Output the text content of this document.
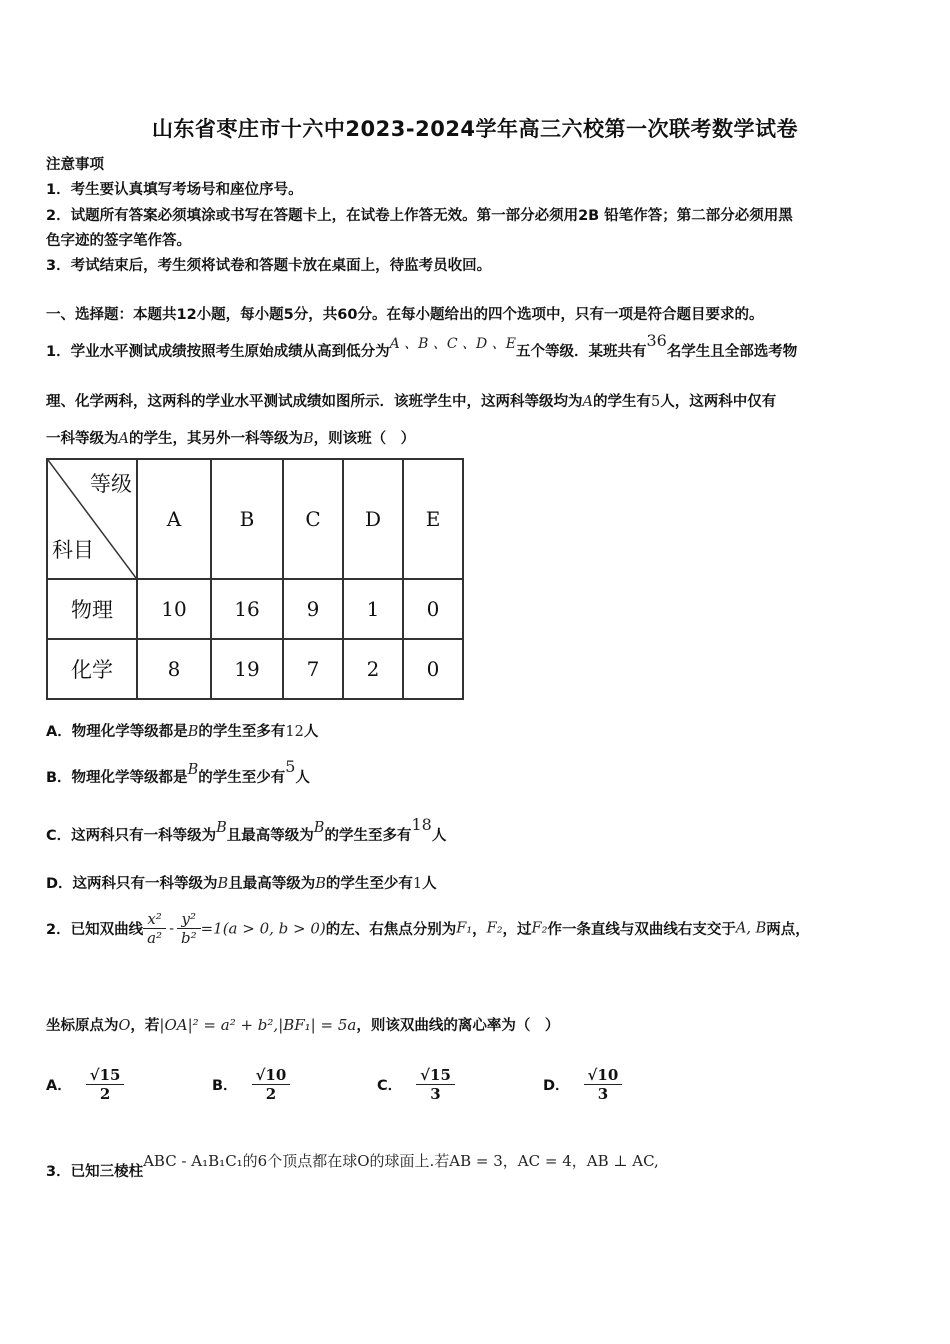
山东省枣庄市十六中2023-2024学年高三六校第一次联考数学试卷
注意事项
1．考生要认真填写考场号和座位序号。
2．试题所有答案必须填涂或书写在答题卡上，在试卷上作答无效。第一部分必须用2B 铅笔作答；第二部分必须用黑
色字迹的签字笔作答。
3．考试结束后，考生须将试卷和答题卡放在桌面上，待监考员收回。
一、选择题：本题共12小题，每小题5分，共60分。在每小题给出的四个选项中，只有一项是符合题目要求的。
1．学业水平测试成绩按照考生原始成绩从高到低分为A 、B 、C 、D 、E五个等级．某班共有36名学生且全部选考物
理、化学两科，这两科的学业水平测试成绩如图所示．该班学生中，这两科等级均为A的学生有5人，这两科中仅有
一科等级为A的学生，其另外一科等级为B，则该班（　）
等级
科目	A	B	C	D	E
物理	10	16	9	1	0
化学	8	19	7	2	0
A．物理化学等级都是B的学生至多有12人
B．物理化学等级都是B的学生至少有5人
C．这两科只有一科等级为B且最高等级为B的学生至多有18人
D．这两科只有一科等级为B且最高等级为B的学生至少有1人
2．已知双曲线 $\frac{\text{x²}}{\text{a²}} - \frac{\text{y²}}{\text{b²}} =1(a > 0$, b > 0)的左、右焦点分别为F₁，F₂，过F₂作一条直线与双曲线右支交于A, B两点，
坐标原点为O，若|OA|² = a² + b²,|BF₁| = 5a，则该双曲线的离心率为（　）
A． √ $\frac{15}{2}$	B． √ $\frac{10}{2}$	C． √ $\frac{15}{3}$	D． √ $\frac{10}{3}$
3．已知三棱柱ABC - A₁B₁C₁的6个顶点都在球O的球面上.若AB = 3，AC = 4，AB ⊥ AC,
